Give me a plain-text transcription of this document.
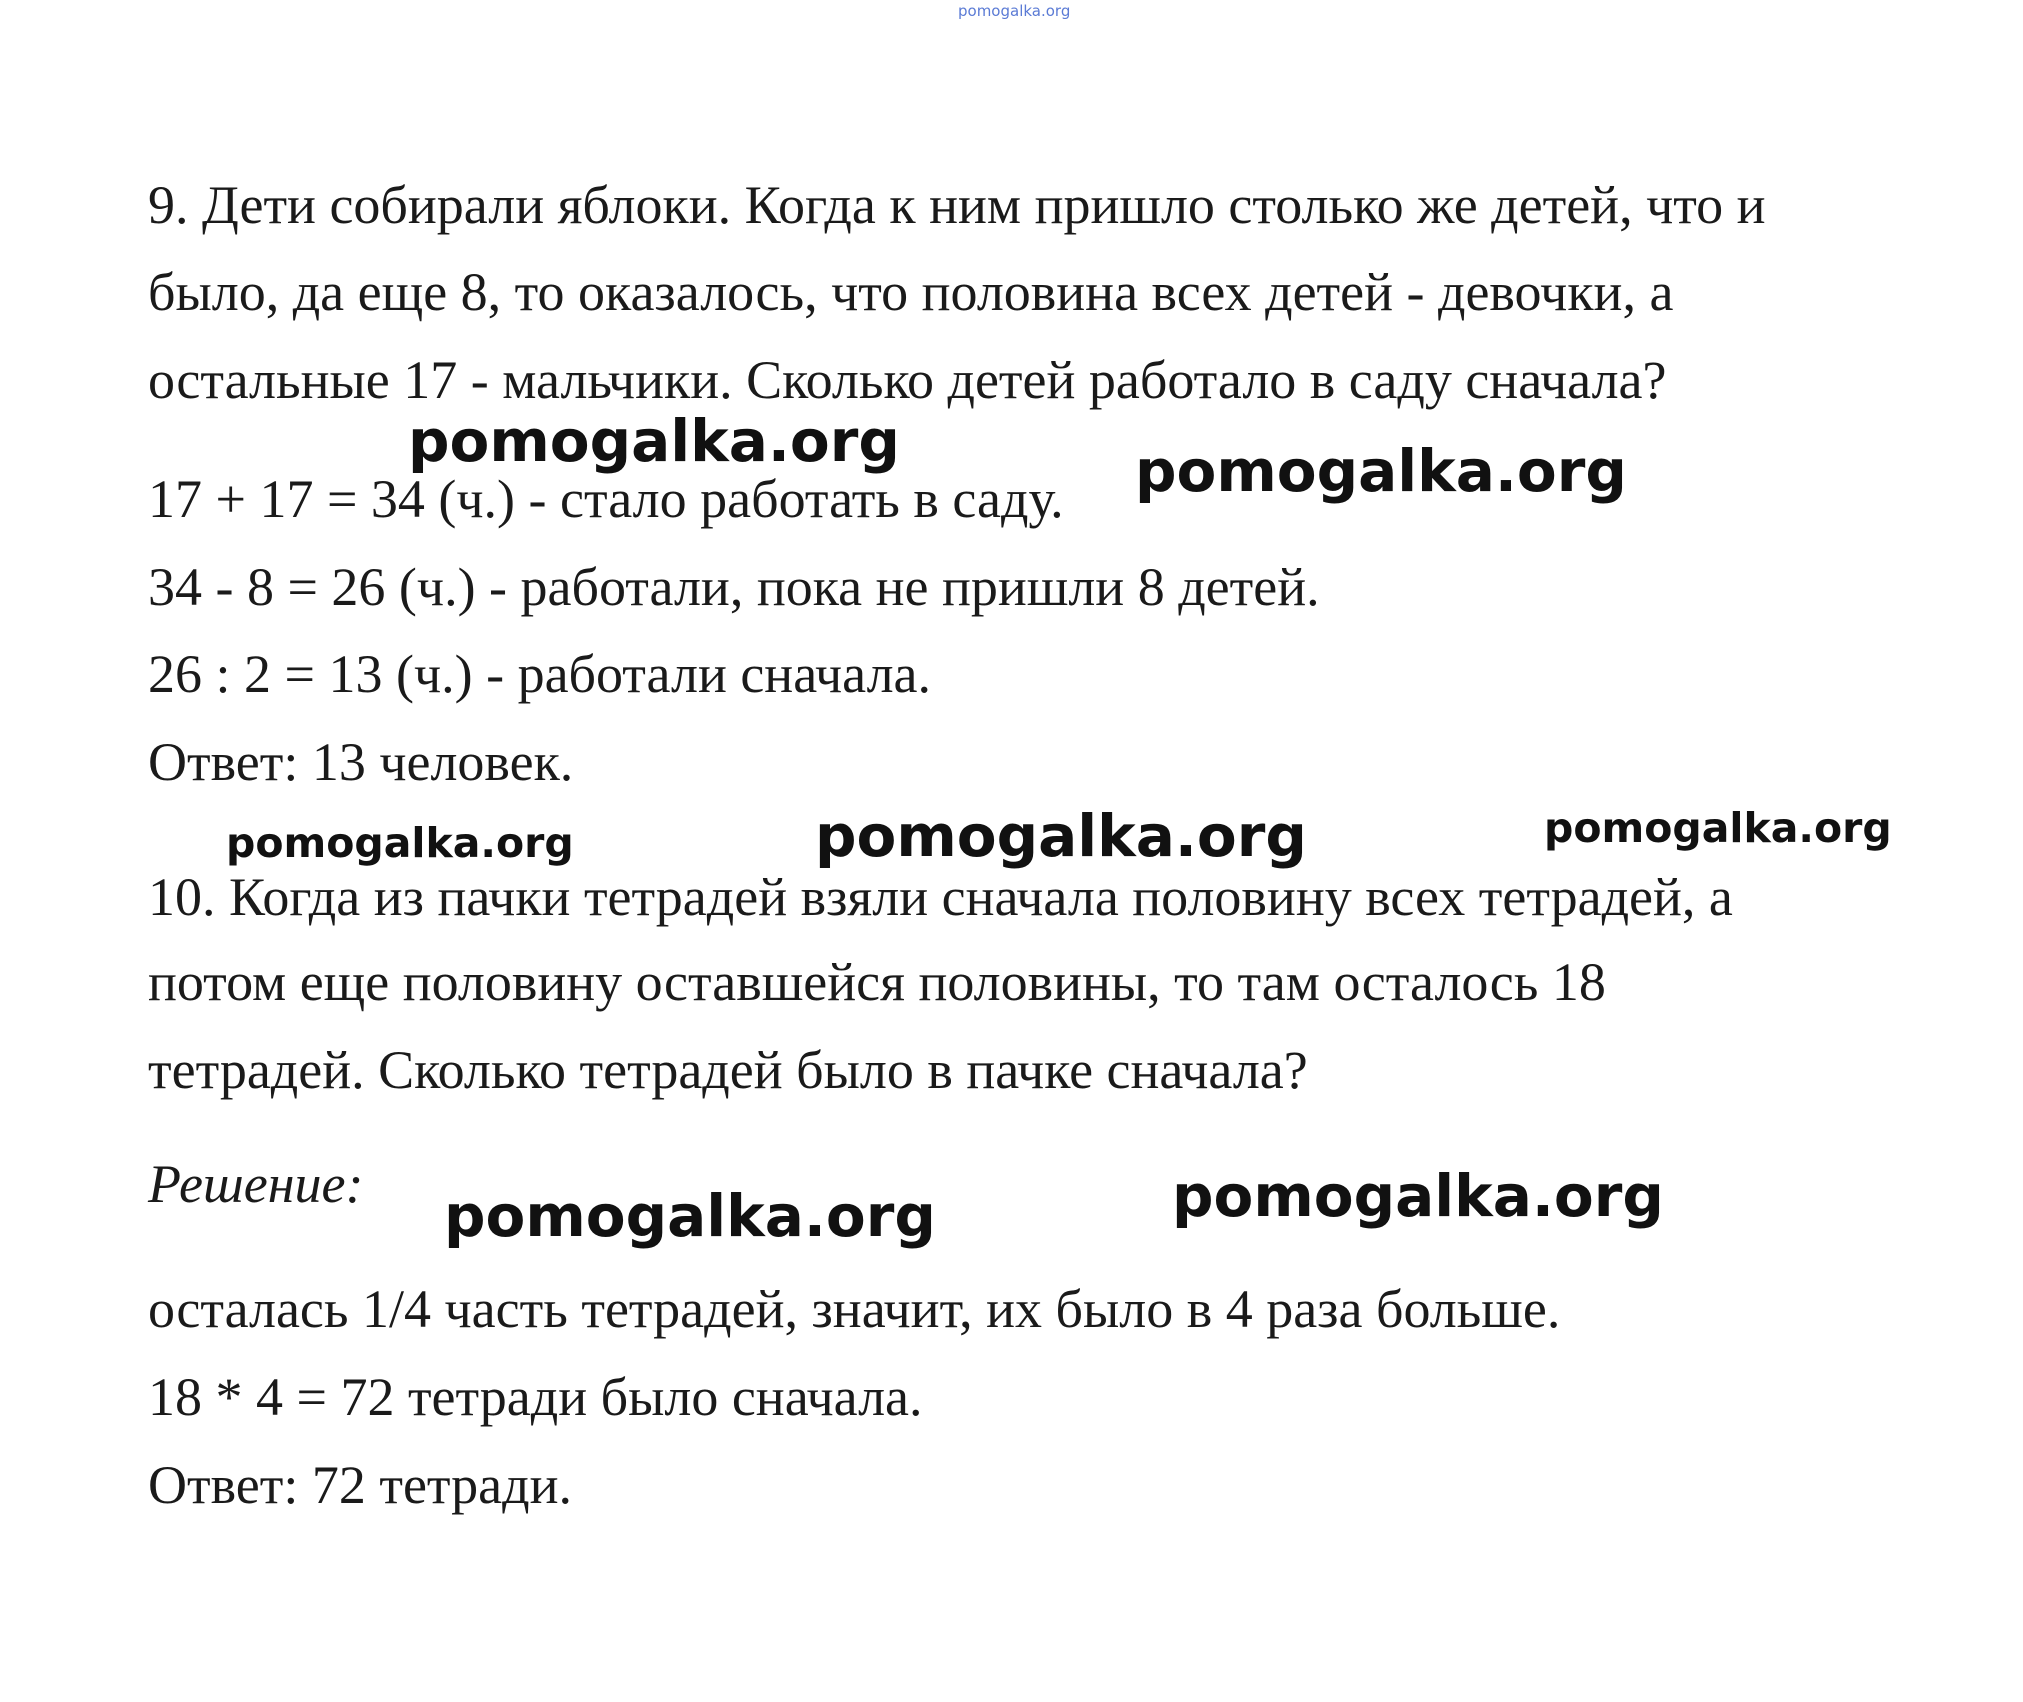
pomogalka.org
9. Дети собирали яблоки. Когда к ним пришло столько же детей, что и
было, да еще 8, то оказалось, что половина всех детей - девочки, а
остальные 17 - мальчики. Сколько детей работало в саду сначала?
17 + 17 = 34 (ч.) - стало работать в саду.
34 - 8 = 26 (ч.) - работали, пока не пришли 8 детей.
26 : 2 = 13 (ч.) - работали сначала.
Ответ: 13 человек.
10. Когда из пачки тетрадей взяли сначала половину всех тетрадей, а
потом еще половину оставшейся половины, то там осталось 18
тетрадей. Сколько тетрадей было в пачке сначала?
Решение:
осталась 1/4 часть тетрадей, значит, их было в 4 раза больше.
18 * 4 = 72 тетради было сначала.
Ответ: 72 тетради.
pomogalka.org	pomogalka.org
pomogalka.org	pomogalka.org	pomogalka.org
pomogalka.org	pomogalka.org
